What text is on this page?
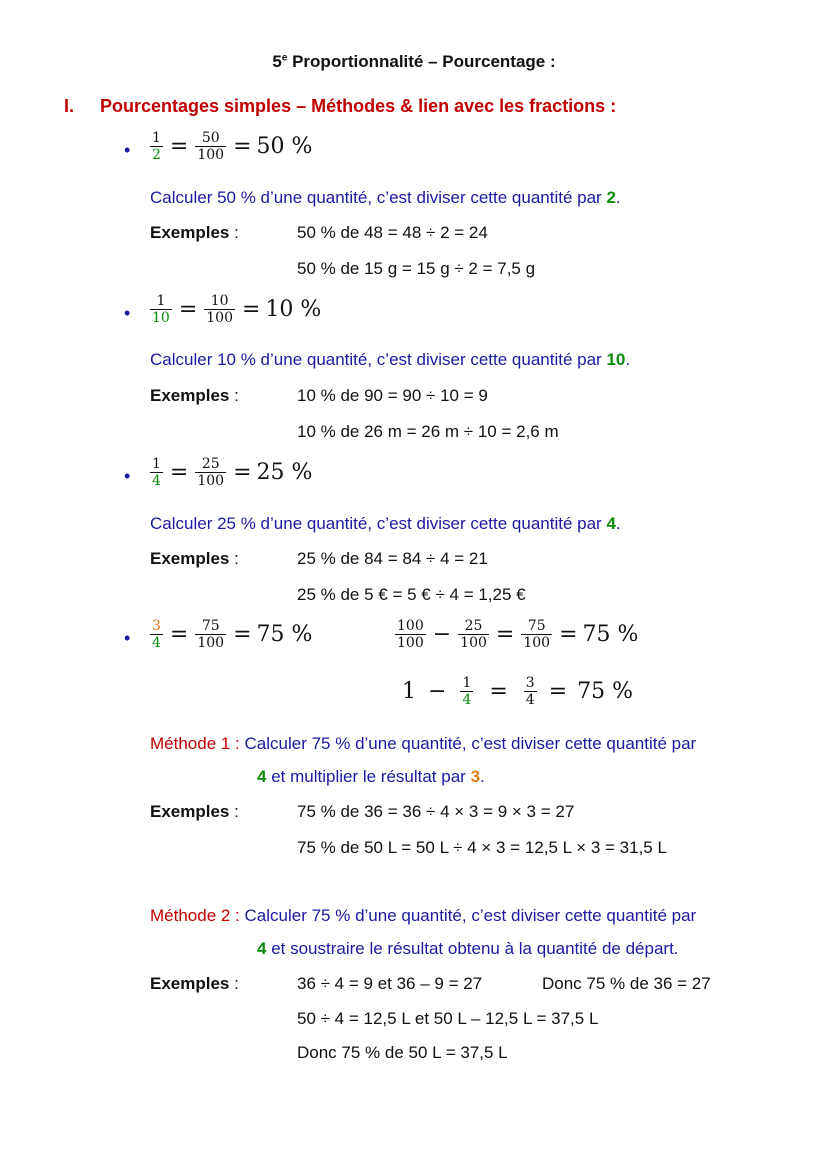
5e Proportionnalité – Pourcentage :
I. Pourcentages simples – Méthodes & lien avec les fractions :
• $\frac{1}{2} = \frac{50}{100} = 50$ %
Calculer 50 % d’une quantité, c’est diviser cette quantité par 2.
Exemples :	50 % de 48 = 48 ÷ 2 = 24
50 % de 15 g = 15 g ÷ 2 = 7,5 g
• $\frac{1}{10} = \frac{10}{100} = 10$ %
Calculer 10 % d’une quantité, c’est diviser cette quantité par 10.
Exemples :	10 % de 90 = 90 ÷ 10 = 9
10 % de 26 m = 26 m ÷ 10 = 2,6 m
• $\frac{1}{4} = \frac{25}{100} = 25$ %
Calculer 25 % d’une quantité, c’est diviser cette quantité par 4.
Exemples :	25 % de 84 = 84 ÷ 4 = 21
25 % de 5 € = 5 € ÷ 4 = 1,25 €
• $\frac{3}{4} = \frac{75}{100} = 75$ %	$\frac{100}{100} - \frac{25}{100} = \frac{75}{100} = 75$ %
$1 - \frac{1}{4} = \frac{3}{4} = 75$ %
Méthode 1 : Calculer 75 % d’une quantité, c’est diviser cette quantité par
4 et multiplier le résultat par 3.
Exemples :	75 % de 36 = 36 ÷ 4 × 3 = 9 × 3 = 27
75 % de 50 L = 50 L ÷ 4 × 3 = 12,5 L × 3 = 31,5 L
Méthode 2 : Calculer 75 % d’une quantité, c’est diviser cette quantité par
4 et soustraire le résultat obtenu à la quantité de départ.
Exemples :	36 ÷ 4 = 9 et 36 – 9 = 27	Donc 75 % de 36 = 27
50 ÷ 4 = 12,5 L et 50 L – 12,5 L = 37,5 L
Donc 75 % de 50 L = 37,5 L
